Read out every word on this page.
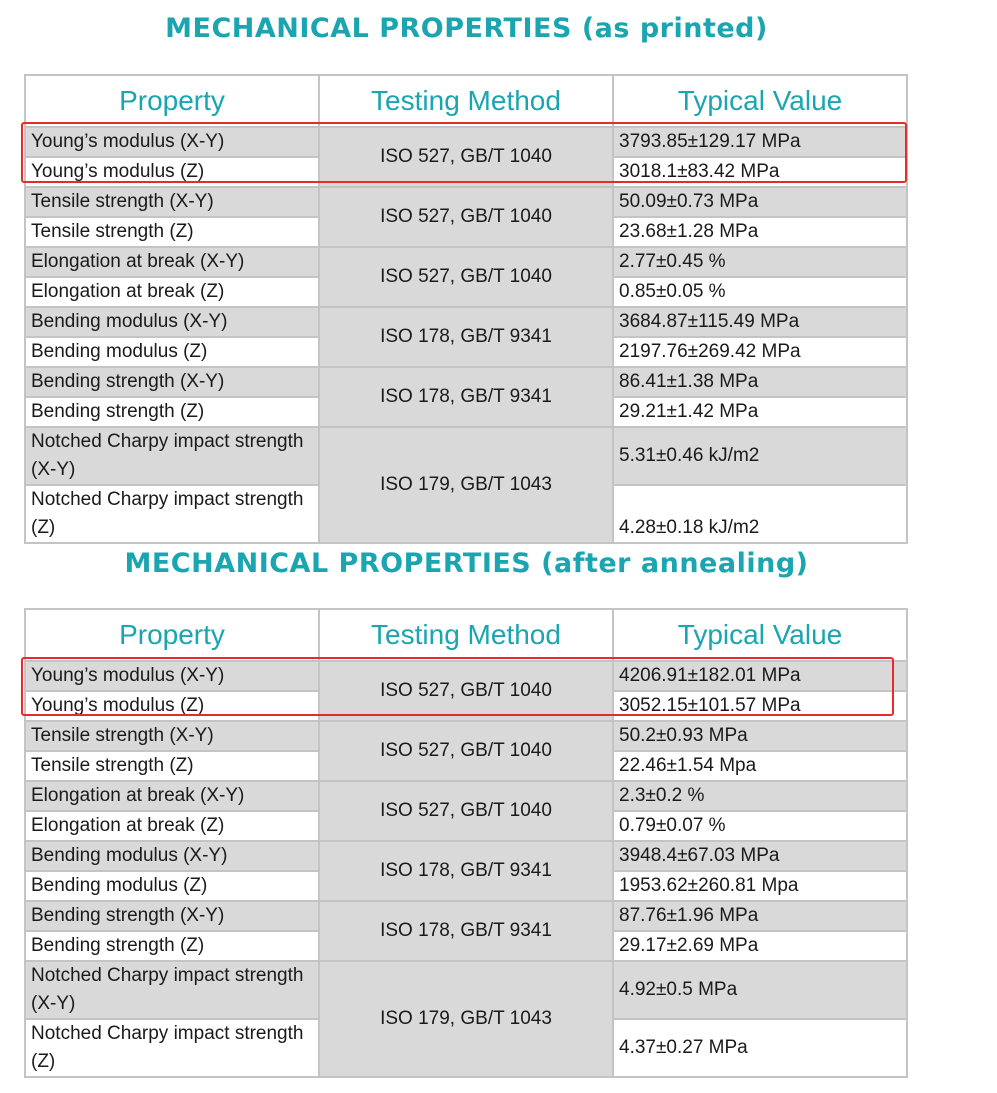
MECHANICAL PROPERTIES (as printed)
Property	Testing Method	Typical Value
Young’s modulus (X-Y)	ISO 527, GB/T 1040	3793.85±129.17 MPa
Young’s modulus (Z)		3018.1±83.42 MPa
Tensile strength (X-Y)	ISO 527, GB/T 1040	50.09±0.73 MPa
Tensile strength (Z)		23.68±1.28 MPa
Elongation at break (X-Y)	ISO 527, GB/T 1040	2.77±0.45 %
Elongation at break (Z)		0.85±0.05 %
Bending modulus (X-Y)	ISO 178, GB/T 9341	3684.87±115.49 MPa
Bending modulus (Z)		2197.76±269.42 MPa
Bending strength (X-Y)	ISO 178, GB/T 9341	86.41±1.38 MPa
Bending strength (Z)		29.21±1.42 MPa
Notched Charpy impact strength (X-Y)	ISO 179, GB/T 1043	5.31±0.46 kJ/m2
Notched Charpy impact strength (Z)		4.28±0.18 kJ/m2
MECHANICAL PROPERTIES (after annealing)
Property	Testing Method	Typical Value
Young’s modulus (X-Y)	ISO 527, GB/T 1040	4206.91±182.01 MPa
Young’s modulus (Z)		3052.15±101.57 MPa
Tensile strength (X-Y)	ISO 527, GB/T 1040	50.2±0.93 MPa
Tensile strength (Z)		22.46±1.54 Mpa
Elongation at break (X-Y)	ISO 527, GB/T 1040	2.3±0.2 %
Elongation at break (Z)		0.79±0.07 %
Bending modulus (X-Y)	ISO 178, GB/T 9341	3948.4±67.03 MPa
Bending modulus (Z)		1953.62±260.81 Mpa
Bending strength (X-Y)	ISO 178, GB/T 9341	87.76±1.96 MPa
Bending strength (Z)		29.17±2.69 MPa
Notched Charpy impact strength (X-Y)	ISO 179, GB/T 1043	4.92±0.5 MPa
Notched Charpy impact strength (Z)		4.37±0.27 MPa
